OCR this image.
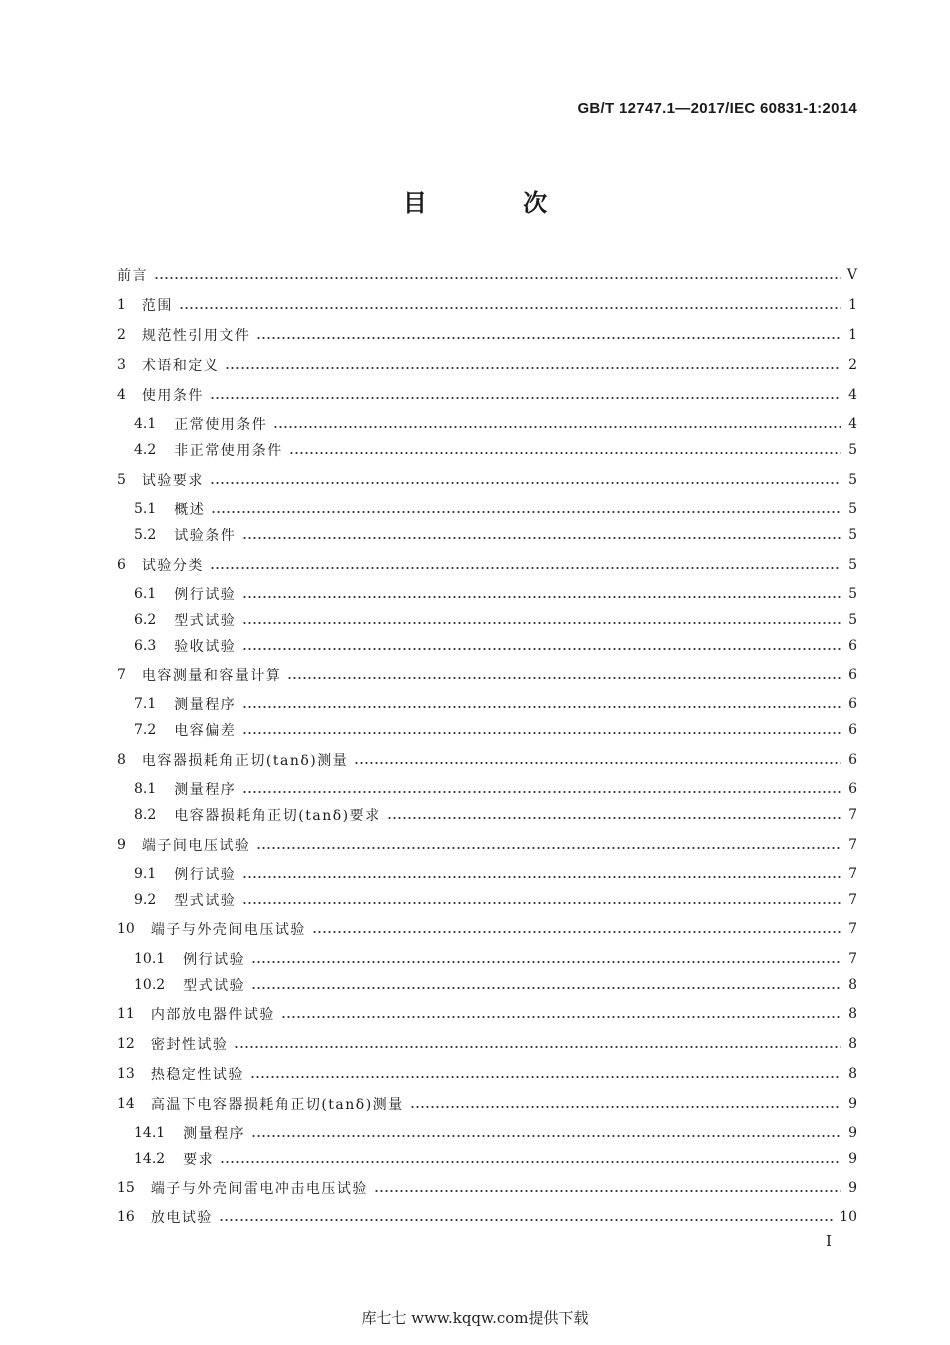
GB/T 12747.1—2017/IEC 60831-1:2014
目 次
前言	V
1 范围	1
2 规范性引用文件	1
3 术语和定义	2
4 使用条件	4
4.1 正常使用条件	4
4.2 非正常使用条件	5
5 试验要求	5
5.1 概述	5
5.2 试验条件	5
6 试验分类	5
6.1 例行试验	5
6.2 型式试验	5
6.3 验收试验	6
7 电容测量和容量计算	6
7.1 测量程序	6
7.2 电容偏差	6
8 电容器损耗角正切(tanδ)测量	6
8.1 测量程序	6
8.2 电容器损耗角正切(tanδ)要求	7
9 端子间电压试验	7
9.1 例行试验	7
9.2 型式试验	7
10 端子与外壳间电压试验	7
10.1 例行试验	7
10.2 型式试验	8
11 内部放电器件试验	8
12 密封性试验	8
13 热稳定性试验	8
14 高温下电容器损耗角正切(tanδ)测量	9
14.1 测量程序	9
14.2 要求	9
15 端子与外壳间雷电冲击电压试验	9
16 放电试验	10
I
库七七 www.kqqw.com提供下载
